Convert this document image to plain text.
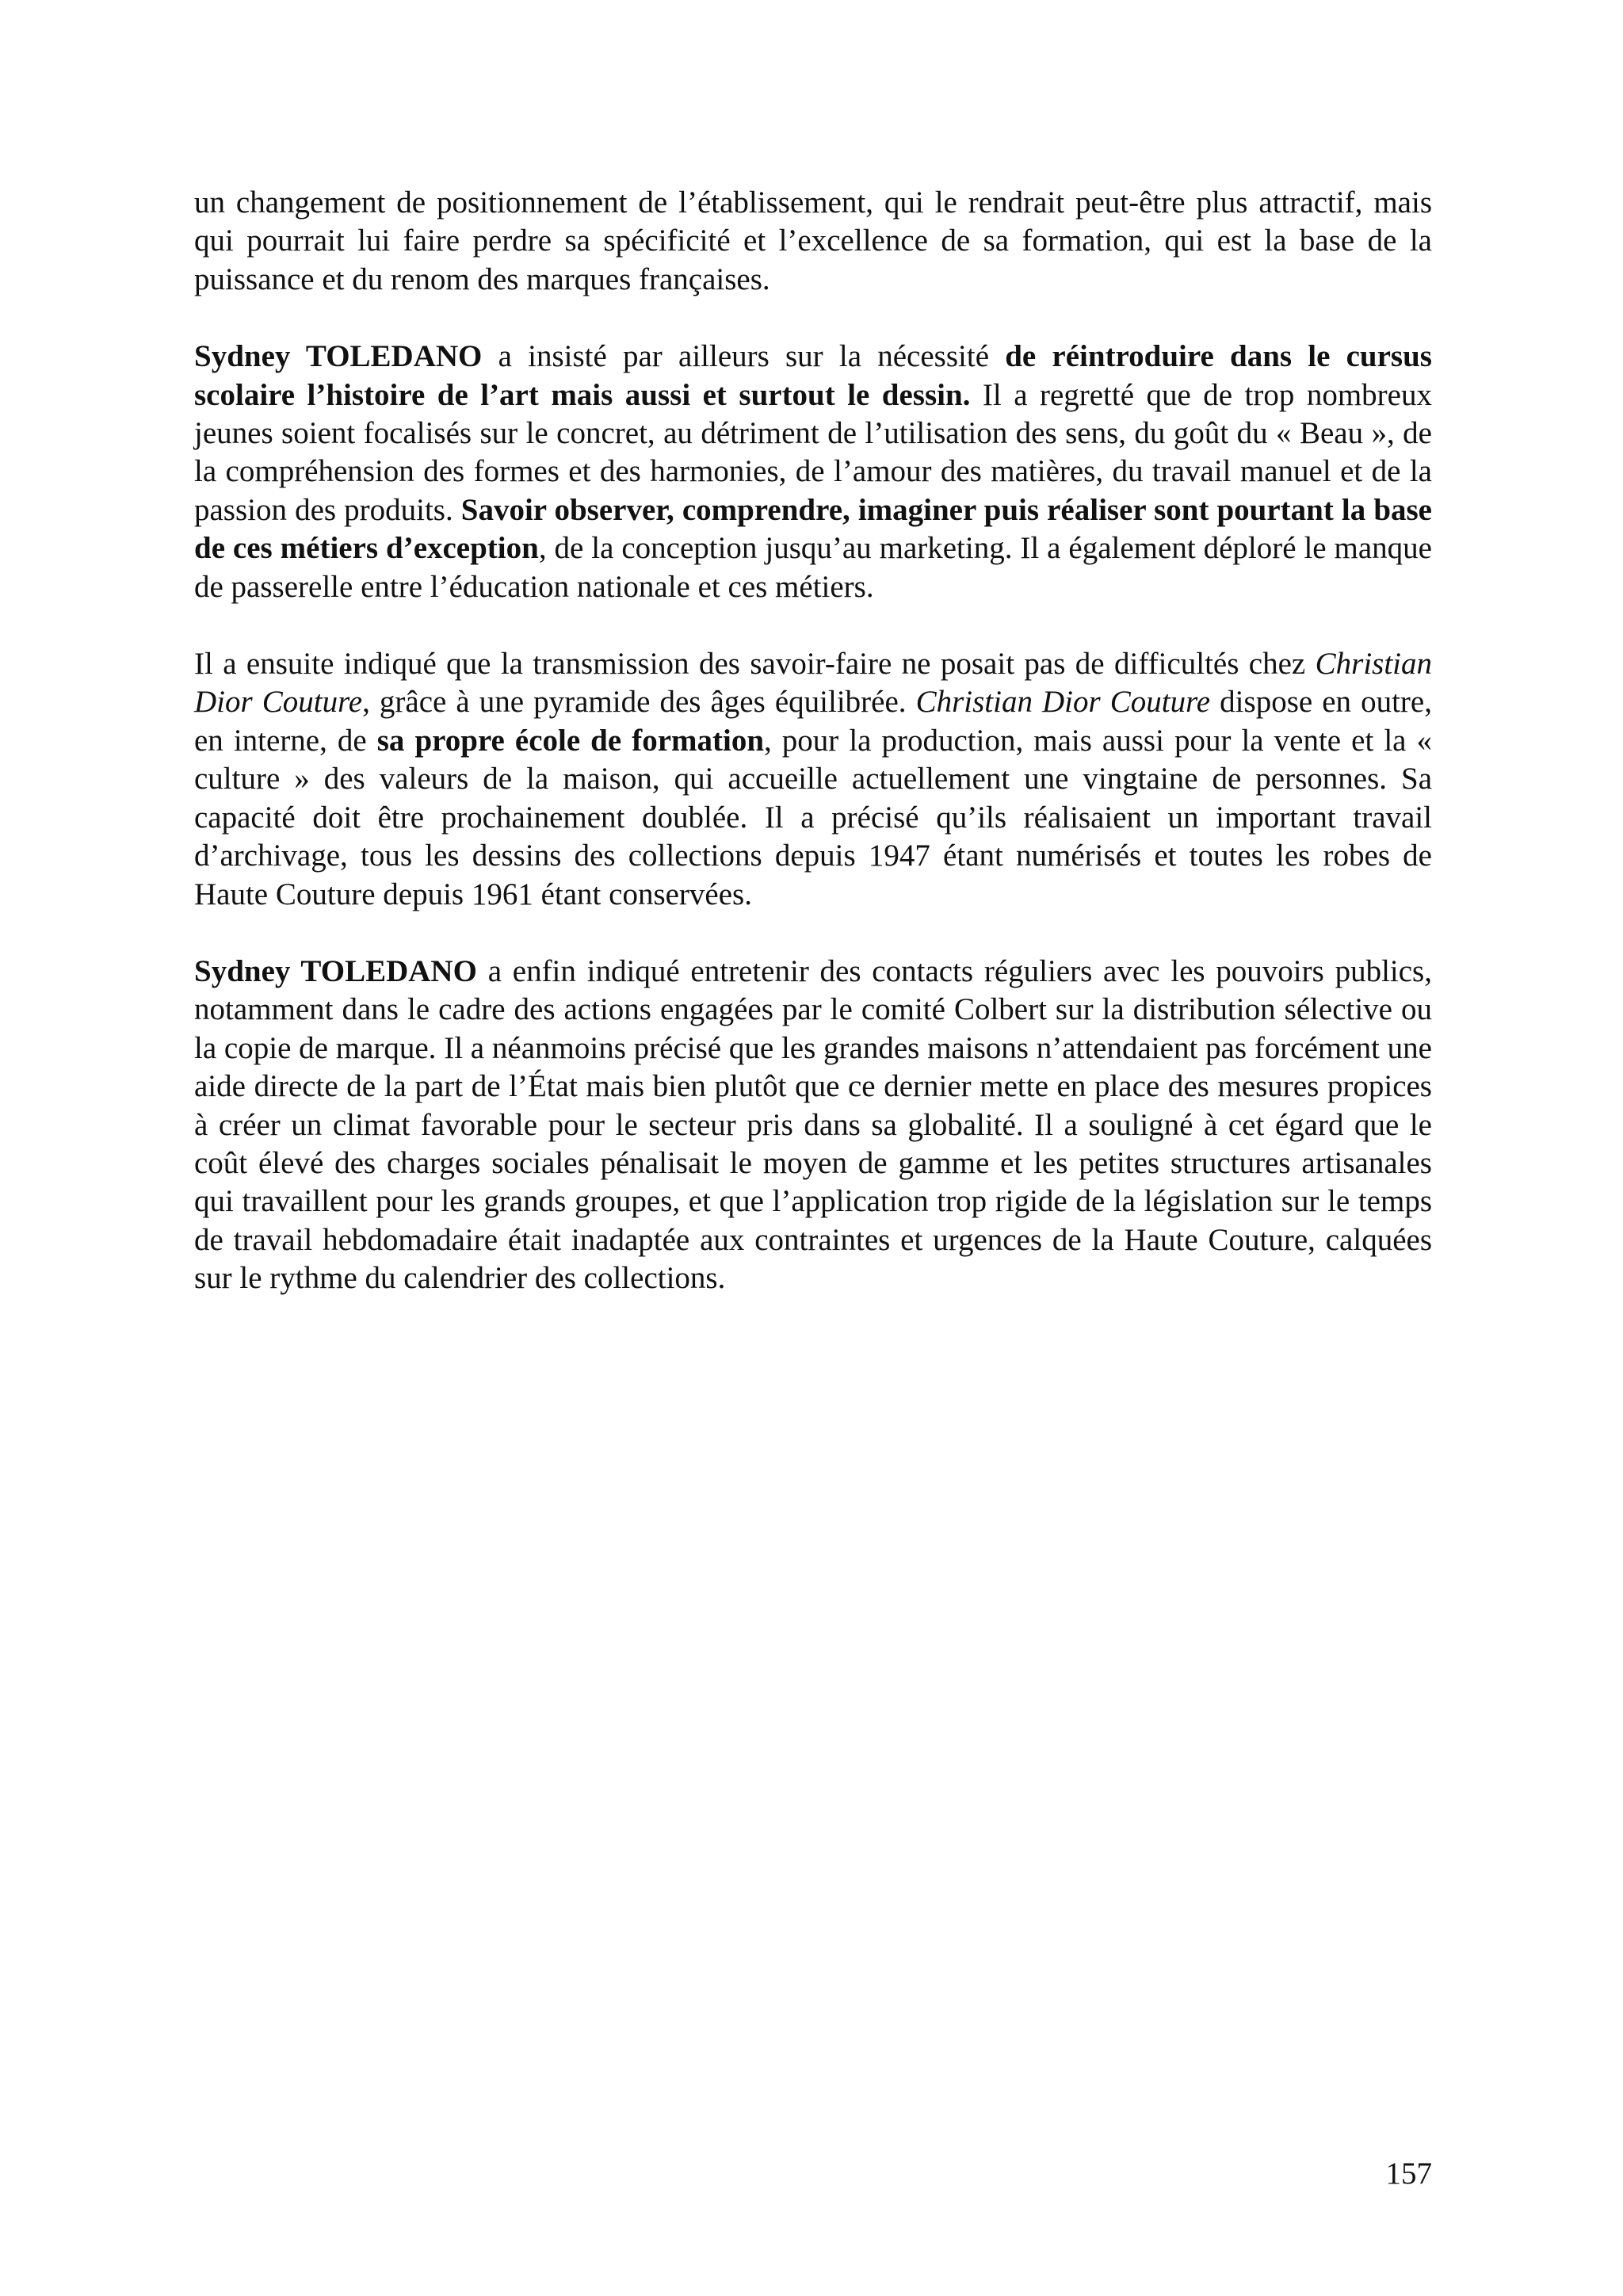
un changement de positionnement de l’établissement, qui le rendrait peut-être plus attractif, mais qui pourrait lui faire perdre sa spécificité et l’excellence de sa formation, qui est la base de la puissance et du renom des marques françaises.

Sydney TOLEDANO a insisté par ailleurs sur la nécessité de réintroduire dans le cursus scolaire l’histoire de l’art mais aussi et surtout le dessin. Il a regretté que de trop nombreux jeunes soient focalisés sur le concret, au détriment de l’utilisation des sens, du goût du « Beau », de la compréhension des formes et des harmonies, de l’amour des matières, du travail manuel et de la passion des produits. Savoir observer, comprendre, imaginer puis réaliser sont pourtant la base de ces métiers d’exception, de la conception jusqu’au marketing. Il a également déploré le manque de passerelle entre l’éducation nationale et ces métiers.

Il a ensuite indiqué que la transmission des savoir-faire ne posait pas de difficultés chez Christian Dior Couture, grâce à une pyramide des âges équilibrée. Christian Dior Couture dispose en outre, en interne, de sa propre école de formation, pour la production, mais aussi pour la vente et la « culture » des valeurs de la maison, qui accueille actuellement une vingtaine de personnes. Sa capacité doit être prochainement doublée. Il a précisé qu’ils réalisaient un important travail d’archivage, tous les dessins des collections depuis 1947 étant numérisés et toutes les robes de Haute Couture depuis 1961 étant conservées.

Sydney TOLEDANO a enfin indiqué entretenir des contacts réguliers avec les pouvoirs publics, notamment dans le cadre des actions engagées par le comité Colbert sur la distribution sélective ou la copie de marque. Il a néanmoins précisé que les grandes maisons n’attendaient pas forcément une aide directe de la part de l’État mais bien plutôt que ce dernier mette en place des mesures propices à créer un climat favorable pour le secteur pris dans sa globalité. Il a souligné à cet égard que le coût élevé des charges sociales pénalisait le moyen de gamme et les petites structures artisanales qui travaillent pour les grands groupes, et que l’application trop rigide de la législation sur le temps de travail hebdomadaire était inadaptée aux contraintes et urgences de la Haute Couture, calquées sur le rythme du calendrier des collections.

157
